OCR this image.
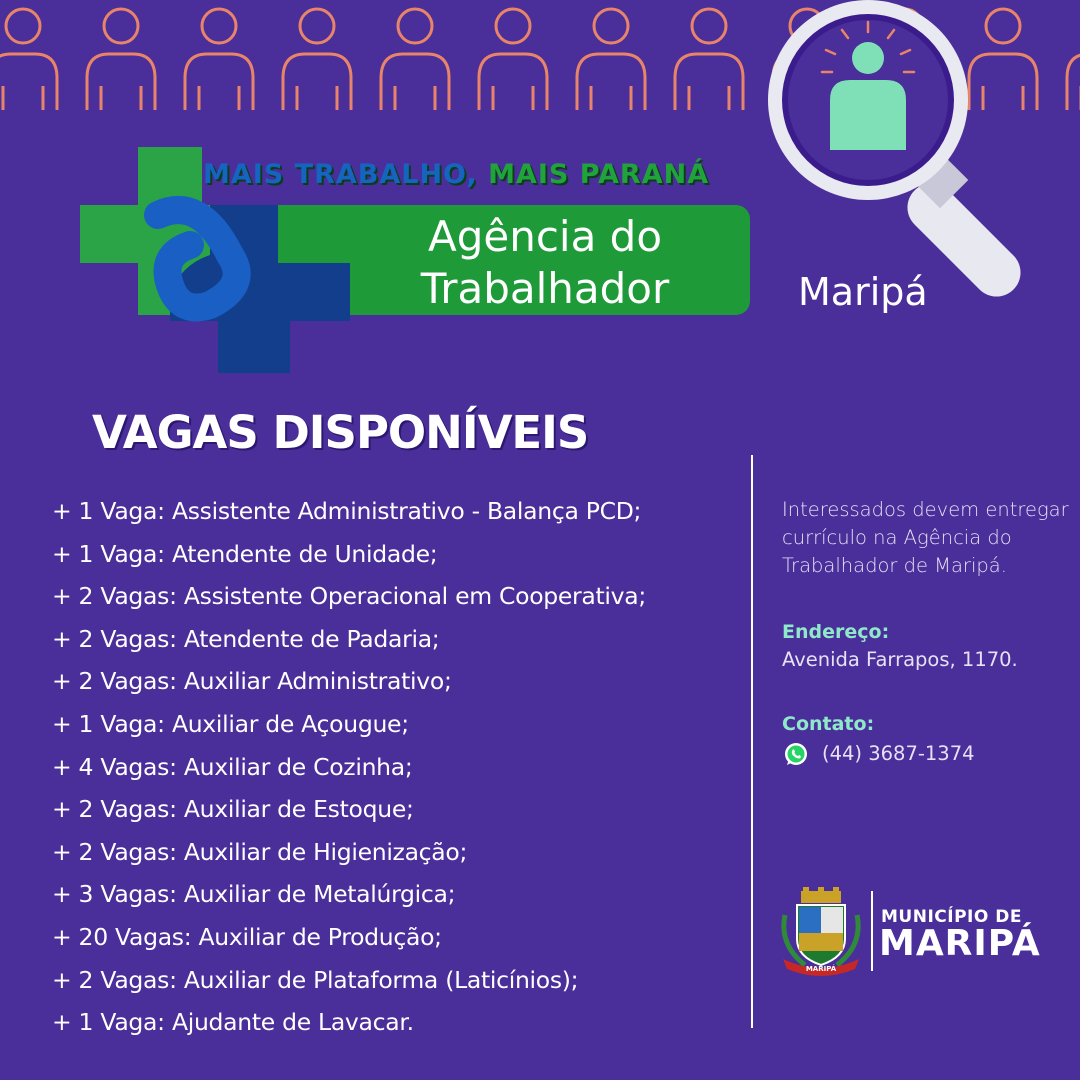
MAIS TRABALHO, MAIS PARANÁ
Agência do
Trabalhador	Maripá
VAGAS DISPONÍVEIS
+ 1 Vaga: Assistente Administrativo - Balança PCD;
+ 1 Vaga: Atendente de Unidade;
+ 2 Vagas: Assistente Operacional em Cooperativa;
+ 2 Vagas: Atendente de Padaria;
+ 2 Vagas: Auxiliar Administrativo;
+ 1 Vaga: Auxiliar de Açougue;
+ 4 Vagas: Auxiliar de Cozinha;
+ 2 Vagas: Auxiliar de Estoque;
+ 2 Vagas: Auxiliar de Higienização;
+ 3 Vagas: Auxiliar de Metalúrgica;
+ 20 Vagas: Auxiliar de Produção;
+ 2 Vagas: Auxiliar de Plataforma (Laticínios);
+ 1 Vaga: Ajudante de Lavacar.
Interessados devem entregar currículo na Agência do Trabalhador de Maripá.
Endereço:
Avenida Farrapos, 1170.
Contato:
(44) 3687-1374
MARIPÁ
MUNICÍPIO DE
MARIPÁ
